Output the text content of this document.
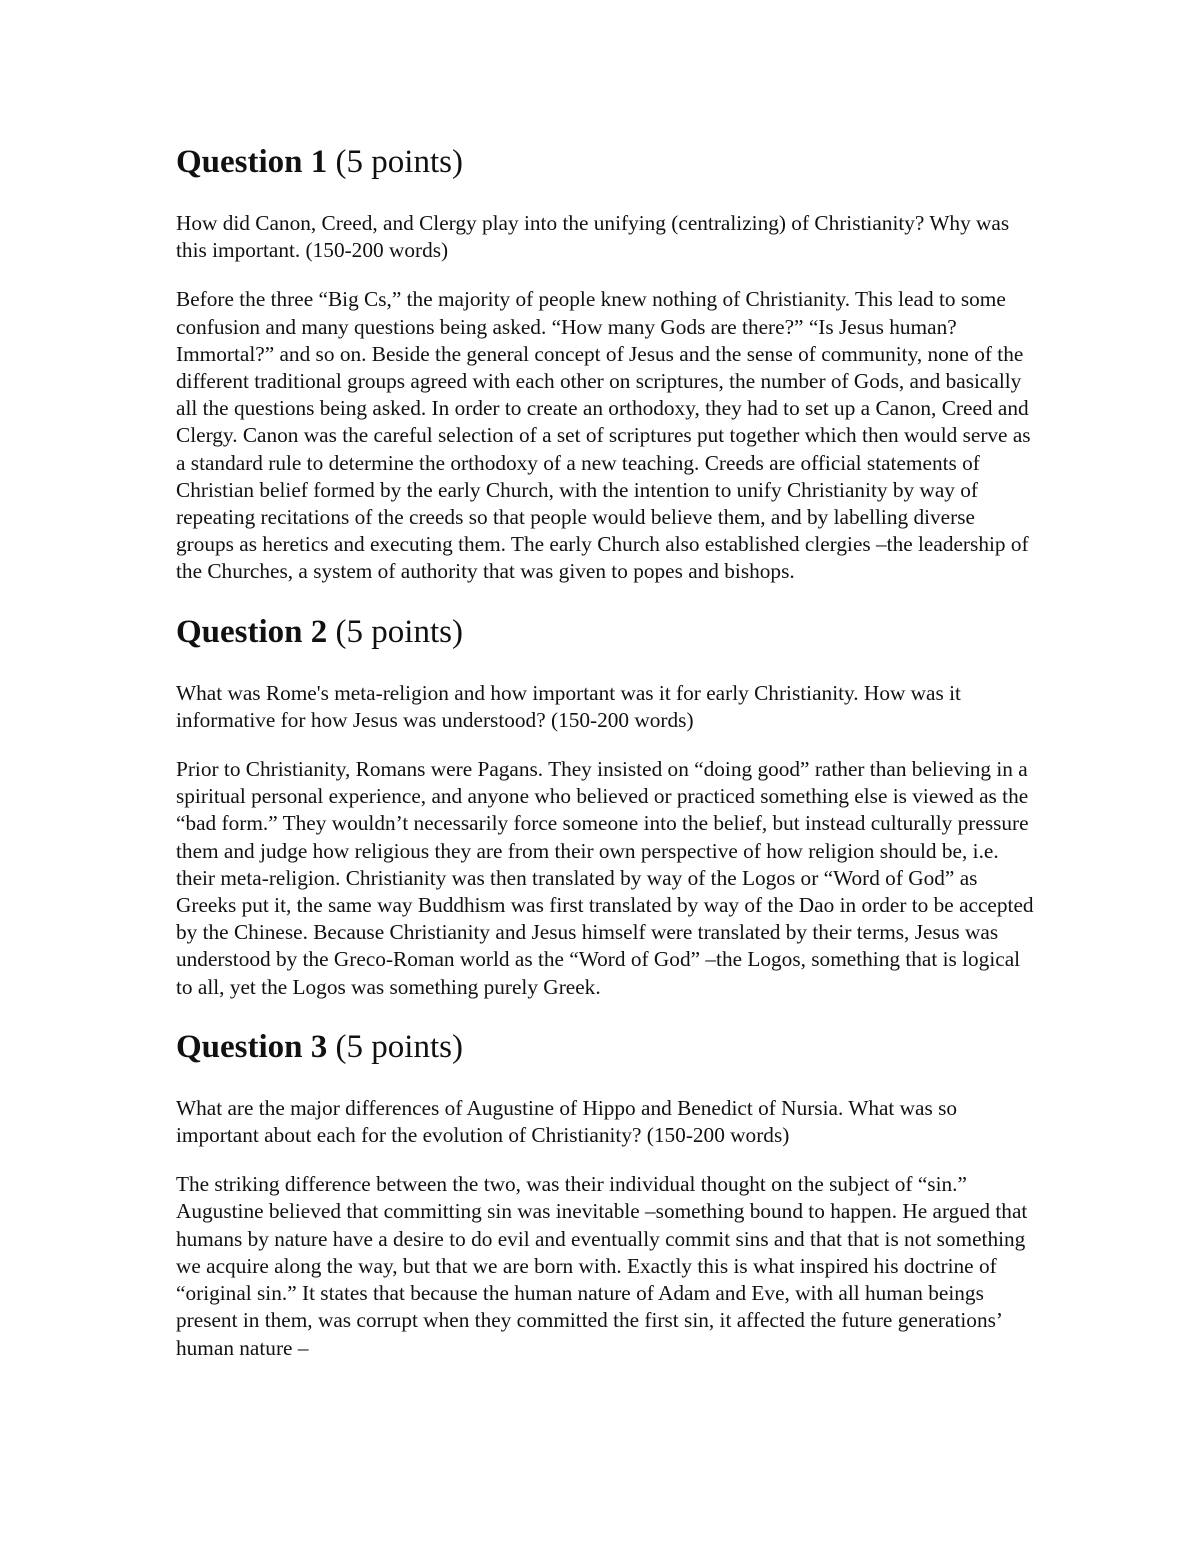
Question 1 (5 points)

How did Canon, Creed, and Clergy play into the unifying (centralizing) of Christianity? Why was this important. (150-200 words)

Before the three “Big Cs,” the majority of people knew nothing of Christianity. This lead to some confusion and many questions being asked. “How many Gods are there?” “Is Jesus human? Immortal?” and so on. Beside the general concept of Jesus and the sense of community, none of the different traditional groups agreed with each other on scriptures, the number of Gods, and basically all the questions being asked. In order to create an orthodoxy, they had to set up a Canon, Creed and Clergy. Canon was the careful selection of a set of scriptures put together which then would serve as a standard rule to determine the orthodoxy of a new teaching. Creeds are official statements of Christian belief formed by the early Church, with the intention to unify Christianity by way of repeating recitations of the creeds so that people would believe them, and by labelling diverse groups as heretics and executing them. The early Church also established clergies –the leadership of the Churches, a system of authority that was given to popes and bishops.

Question 2 (5 points)

What was Rome's meta-religion and how important was it for early Christianity. How was it informative for how Jesus was understood? (150-200 words)

Prior to Christianity, Romans were Pagans. They insisted on “doing good” rather than believing in a spiritual personal experience, and anyone who believed or practiced something else is viewed as the “bad form.” They wouldn’t necessarily force someone into the belief, but instead culturally pressure them and judge how religious they are from their own perspective of how religion should be, i.e. their meta-religion. Christianity was then translated by way of the Logos or “Word of God” as Greeks put it, the same way Buddhism was first translated by way of the Dao in order to be accepted by the Chinese. Because Christianity and Jesus himself were translated by their terms, Jesus was understood by the Greco-Roman world as the “Word of God” –the Logos, something that is logical to all, yet the Logos was something purely Greek.

Question 3 (5 points)

What are the major differences of Augustine of Hippo and Benedict of Nursia. What was so important about each for the evolution of Christianity? (150-200 words)

The striking difference between the two, was their individual thought on the subject of “sin.” Augustine believed that committing sin was inevitable –something bound to happen. He argued that humans by nature have a desire to do evil and eventually commit sins and that that is not something we acquire along the way, but that we are born with. Exactly this is what inspired his doctrine of “original sin.” It states that because the human nature of Adam and Eve, with all human beings present in them, was corrupt when they committed the first sin, it affected the future generations’ human nature –
